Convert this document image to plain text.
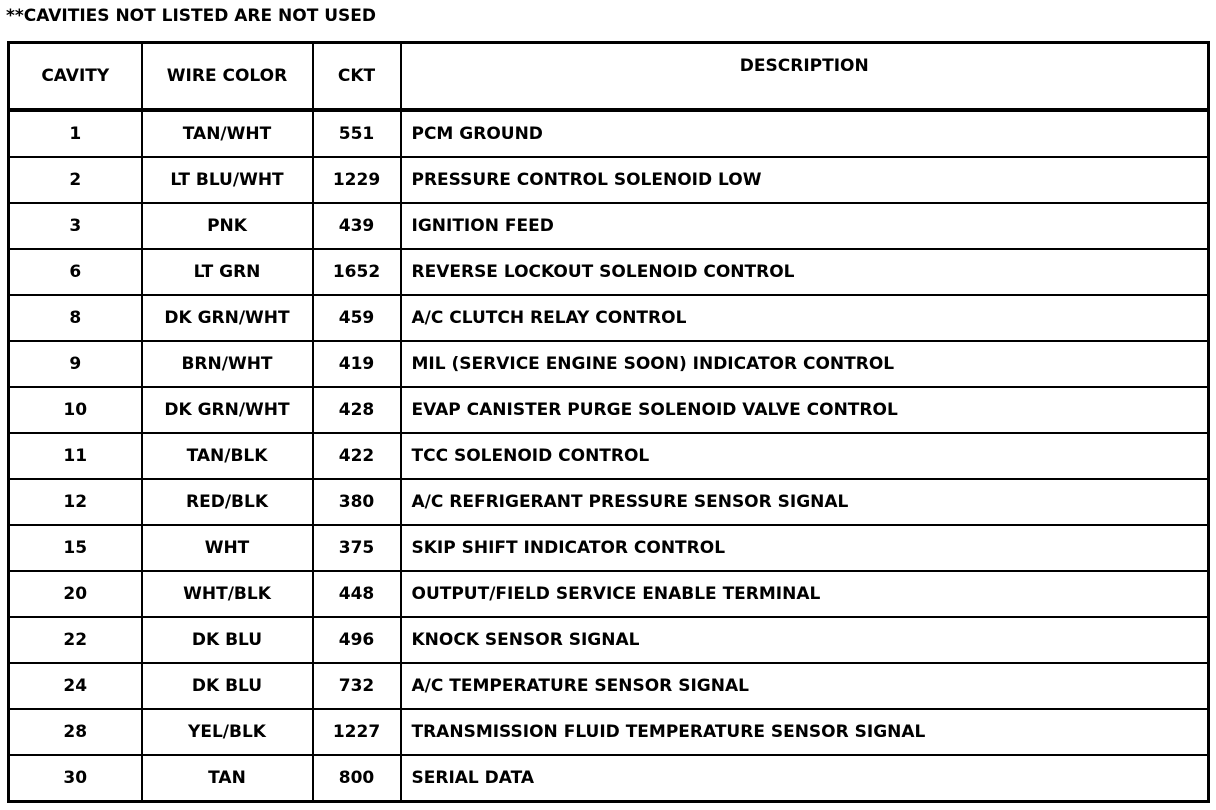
**CAVITIES NOT LISTED ARE NOT USED
CAVITY	WIRE COLOR	CKT	DESCRIPTION
1	TAN/WHT	551	PCM GROUND
2	LT BLU/WHT	1229	PRESSURE CONTROL SOLENOID LOW
3	PNK	439	IGNITION FEED
6	LT GRN	1652	REVERSE LOCKOUT SOLENOID CONTROL
8	DK GRN/WHT	459	A/C CLUTCH RELAY CONTROL
9	BRN/WHT	419	MIL (SERVICE ENGINE SOON) INDICATOR CONTROL
10	DK GRN/WHT	428	EVAP CANISTER PURGE SOLENOID VALVE CONTROL
11	TAN/BLK	422	TCC SOLENOID CONTROL
12	RED/BLK	380	A/C REFRIGERANT PRESSURE SENSOR SIGNAL
15	WHT	375	SKIP SHIFT INDICATOR CONTROL
20	WHT/BLK	448	OUTPUT/FIELD SERVICE ENABLE TERMINAL
22	DK BLU	496	KNOCK SENSOR SIGNAL
24	DK BLU	732	A/C TEMPERATURE SENSOR SIGNAL
28	YEL/BLK	1227	TRANSMISSION FLUID TEMPERATURE SENSOR SIGNAL
30	TAN	800	SERIAL DATA
